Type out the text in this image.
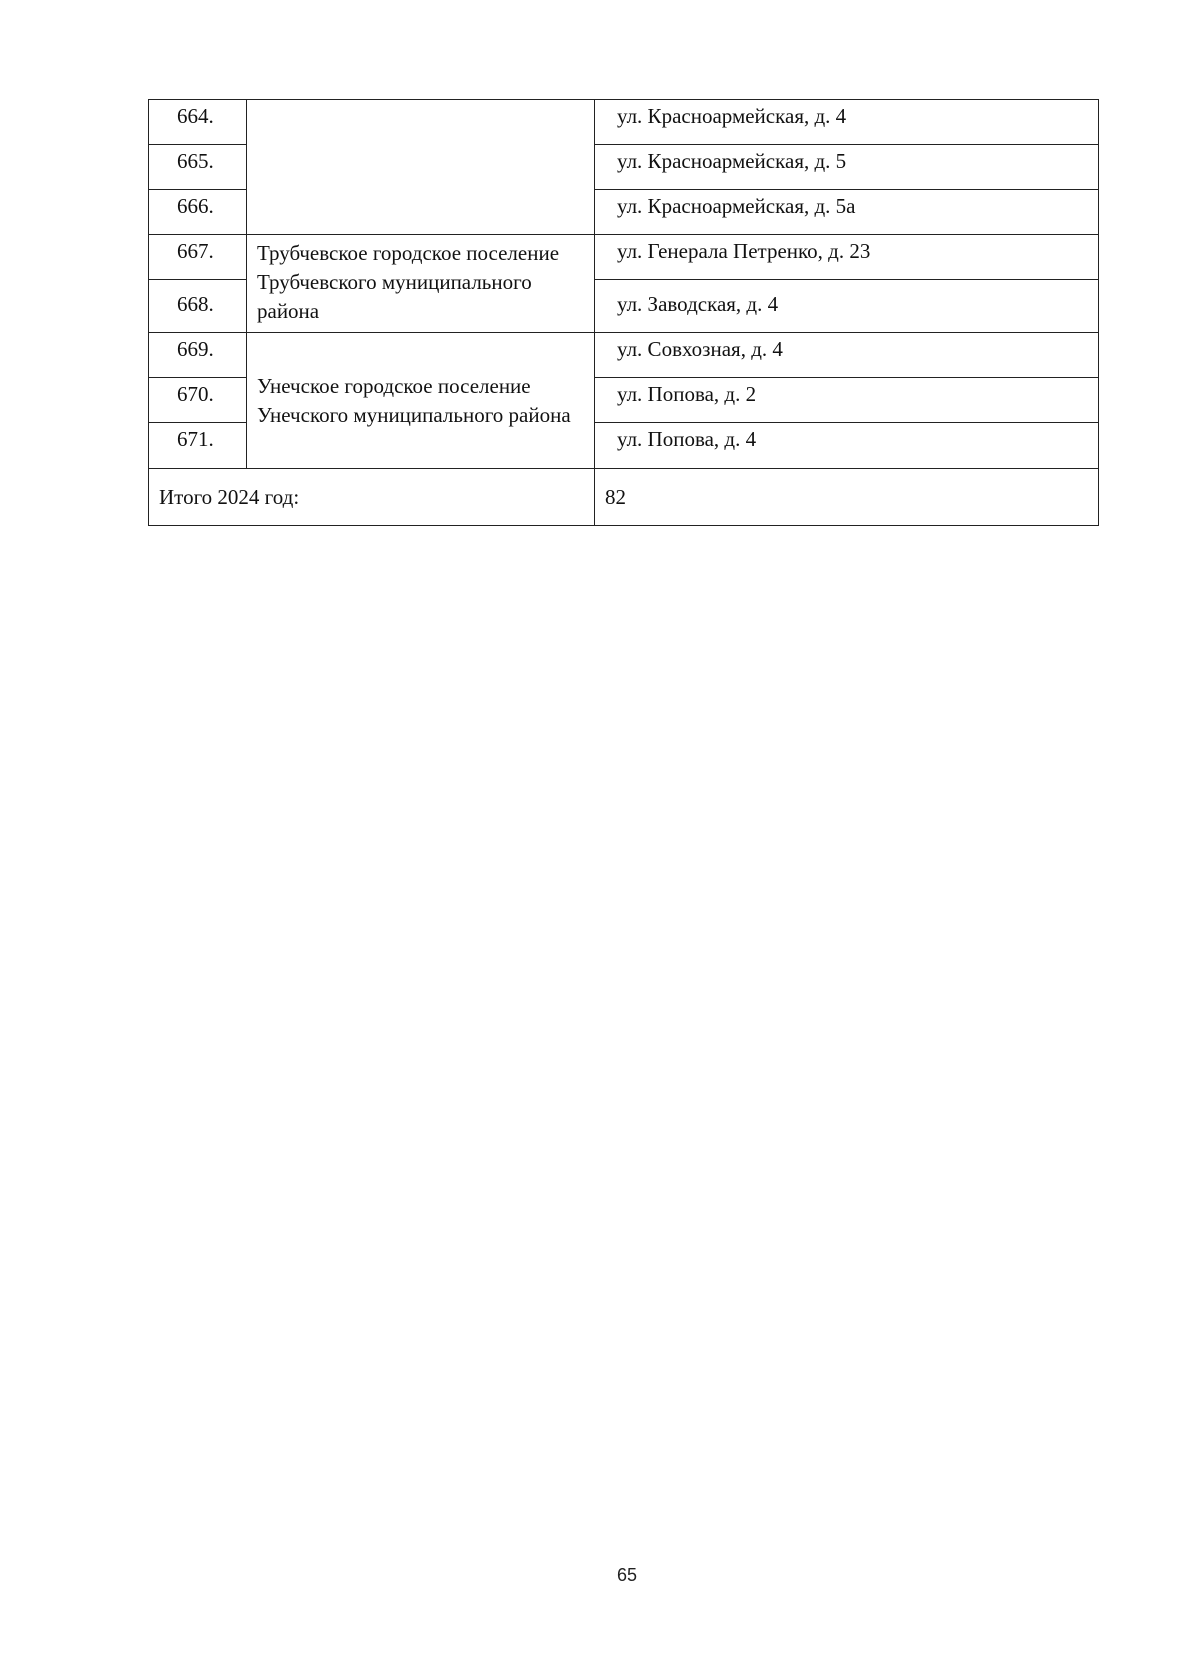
664.		ул. Красноармейская, д. 4
665.		ул. Красноармейская, д. 5
666.		ул. Красноармейская, д. 5а
667.	Трубчевское городское поселение Трубчевского муниципального района	ул. Генерала Петренко, д. 23
668.		ул. Заводская, д. 4
669.	Унечское городское поселение Унечского муниципального района	ул. Совхозная, д. 4
670.		ул. Попова, д. 2
671.		ул. Попова, д. 4
Итого 2024 год:		82
65
